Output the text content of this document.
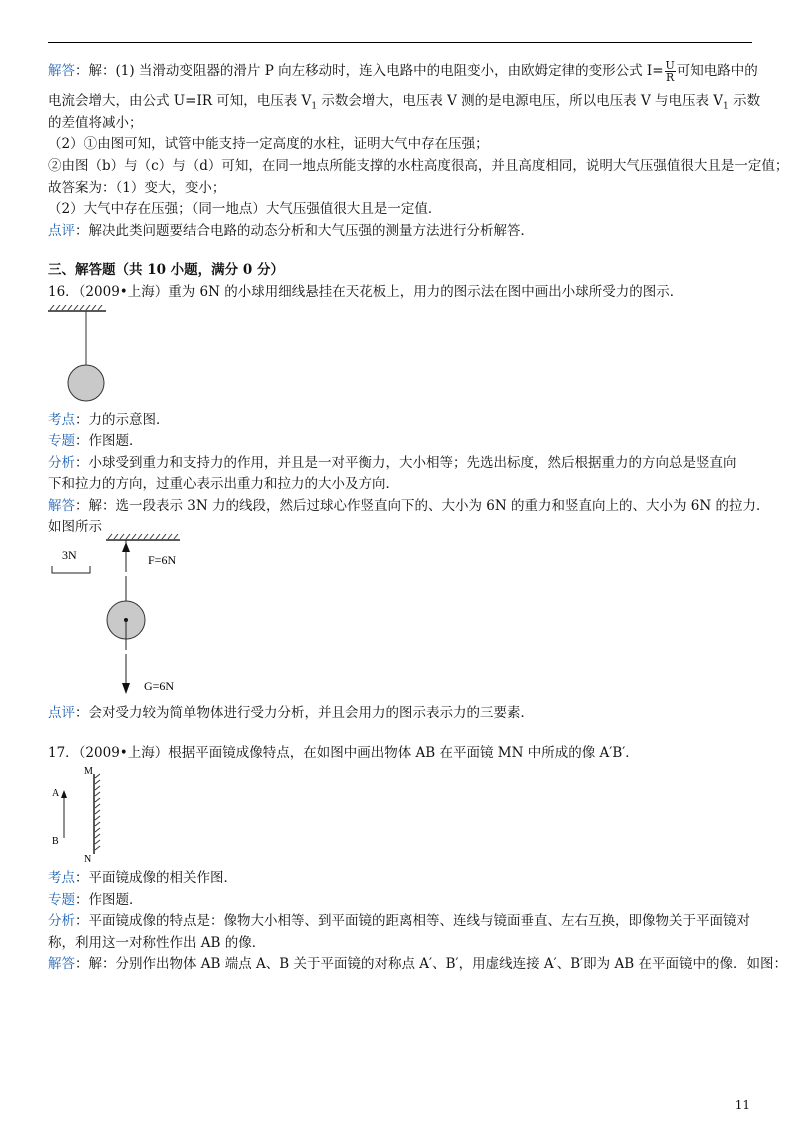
解答：解：(1) 当滑动变阻器的滑片 P 向左移动时，连入电路中的电阻变小，由欧姆定律的变形公式 $I= \frac{U}{R}$ 可知电路中的
电流会增大，由公式 U=IR 可知，电压表 $V_1$ 示数会增大，电压表 V 测的是电源电压，所以电压表 V 与电压表 $V_1$ 示数
的差值将减小；
（2）①由图可知，试管中能支持一定高度的水柱，证明大气中存在压强；
②由图（b）与（c）与（d）可知，在同一地点所能支撑的水柱高度很高，并且高度相同，说明大气压强值很大且是一定值；
故答案为：（1）变大，变小；
（2）大气中存在压强；（同一地点）大气压强值很大且是一定值．
点评：解决此类问题要结合电路的动态分析和大气压强的测量方法进行分析解答．
三、解答题（共 10 小题，满分 0 分）
16．（2009•上海）重为 6N 的小球用细线悬挂在天花板上，用力的图示法在图中画出小球所受力的图示．
考点：力的示意图．
专题：作图题．
分析：小球受到重力和支持力的作用，并且是一对平衡力，大小相等；先选出标度，然后根据重力的方向总是竖直向
下和拉力的方向，过重心表示出重力和拉力的大小及方向．
解答：解：选一段表示 3N 力的线段，然后过球心作竖直向下的、大小为 6N 的重力和竖直向上的、大小为 6N 的拉力．
如图所示
3N	F=6N
G=6N
点评：会对受力较为简单物体进行受力分析，并且会用力的图示表示力的三要素．
17．（2009•上海）根据平面镜成像特点，在如图中画出物体 AB 在平面镜 MN 中所成的像 A′B′．
A
B
M
N
考点：平面镜成像的相关作图．
专题：作图题．
分析：平面镜成像的特点是：像物大小相等、到平面镜的距离相等、连线与镜面垂直、左右互换，即像物关于平面镜对
称，利用这一对称性作出 AB 的像．
解答：解：分别作出物体 AB 端点 A、B 关于平面镜的对称点 A′、B′，用虚线连接 A′、B′即为 AB 在平面镜中的像．如图：
11
